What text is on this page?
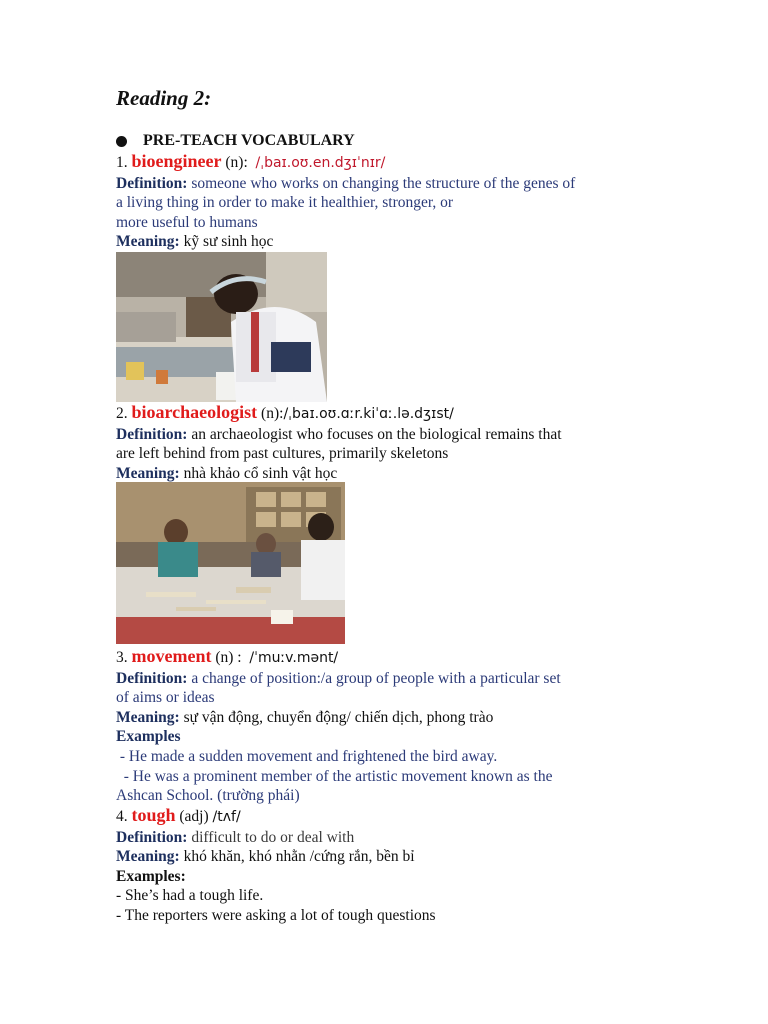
Reading 2:
PRE-TEACH VOCABULARY
1. bioengineer (n): /ˌbaɪ.oʊ.en.dʒɪˈnɪr/
Definition: someone who works on changing the structure of the genes of
a living thing in order to make it healthier, stronger, or
more useful to humans
Meaning: kỹ sư sinh học
2. bioarchaeologist (n):/ˌbaɪ.oʊ.ɑːr.kiˈɑː.lə.dʒɪst/
Definition: an archaeologist who focuses on the biological remains that
are left behind from past cultures, primarily skeletons
Meaning: nhà khảo cổ sinh vật học
3. movement (n) : /ˈmuːv.mənt/
Definition: a change of position:/a group of people with a particular set
of aims or ideas
Meaning: sự vận động, chuyển động/ chiến dịch, phong trào
Examples
- He made a sudden movement and frightened the bird away.
- He was a prominent member of the artistic movement known as the
Ashcan School. (trường phái)
4. tough (adj) /tʌf/
Definition: difficult to do or deal with
Meaning: khó khăn, khó nhằn /cứng rắn, bền bỉ
Examples:
- She’s had a tough life.
- The reporters were asking a lot of tough questions
